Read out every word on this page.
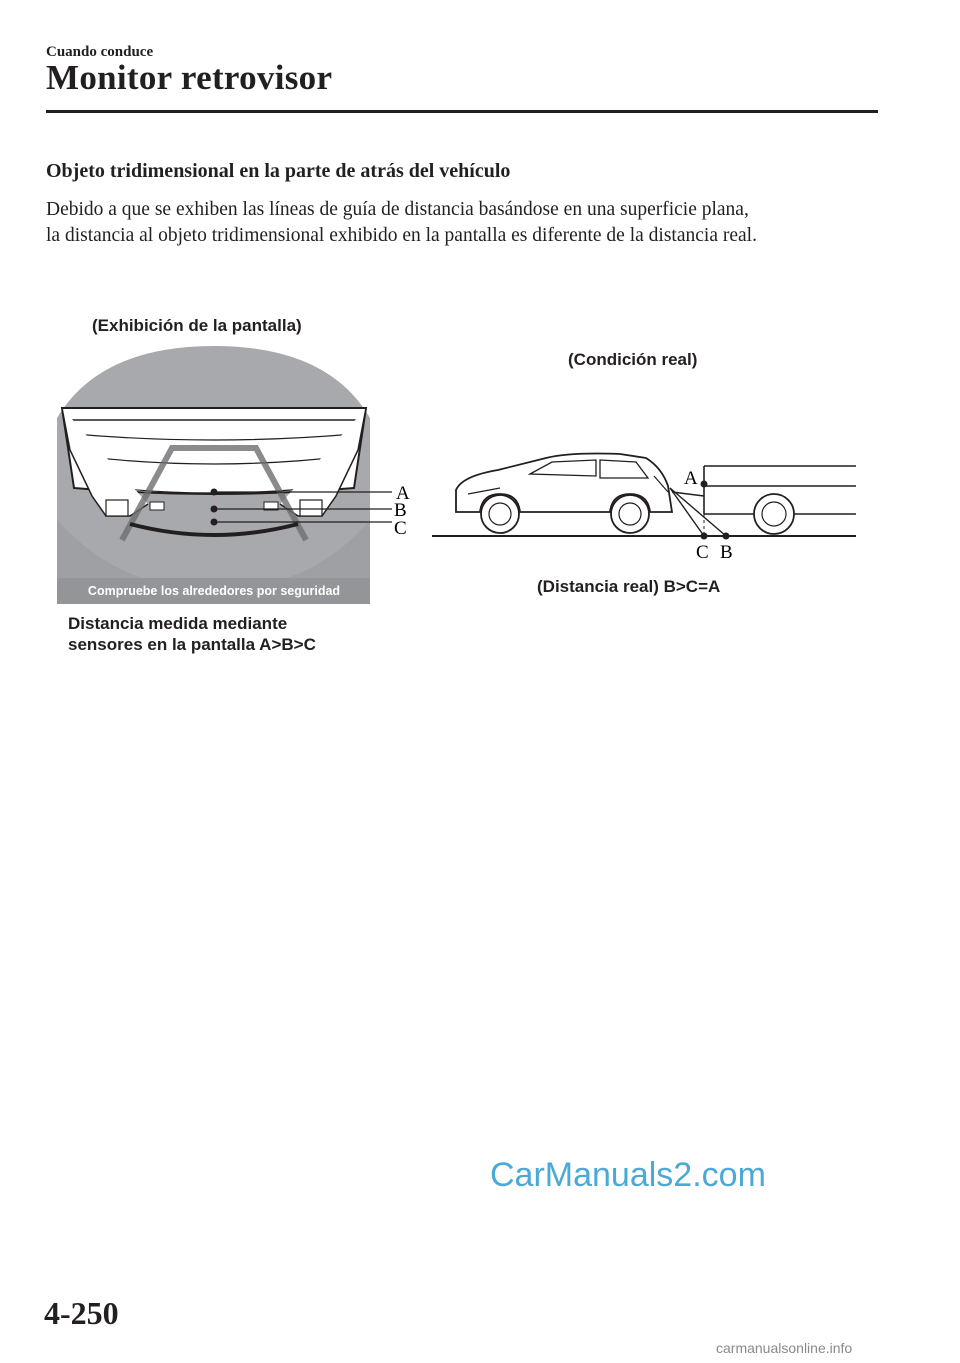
Cuando conduce
Monitor retrovisor
Objeto tridimensional en la parte de atrás del vehículo
Debido a que se exhiben las líneas de guía de distancia basándose en una superficie plana,
la distancia al objeto tridimensional exhibido en la pantalla es diferente de la distancia real.
(Exhibición de la pantalla)
A
B
C
Compruebe los alrededores por seguridad
(Condición real)
A
C B
(Distancia real) B>C=A
Distancia medida mediante
sensores en la pantalla A>B>C
CarManuals2.com
4-250
carmanualsonline.info
